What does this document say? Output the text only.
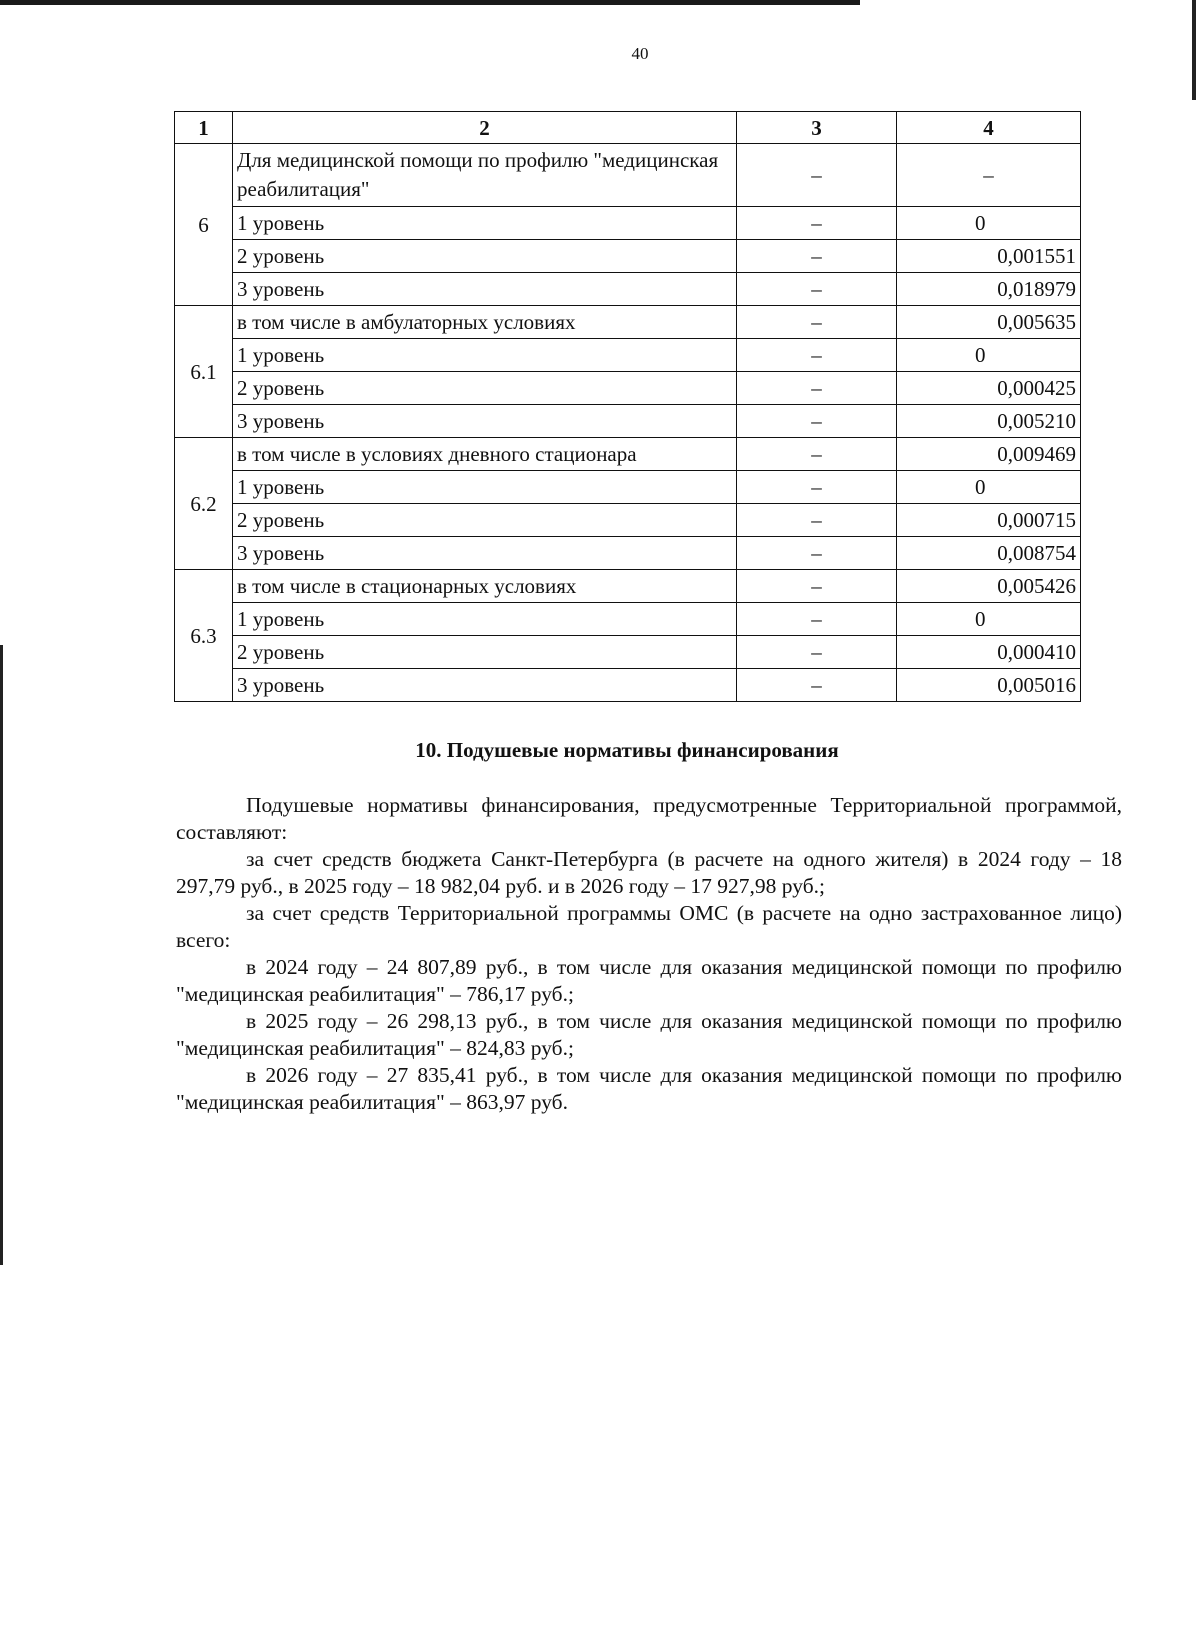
40
1	2	3	4
6	Для медицинской помощи по профилю "медицинская реабилитация"	–	–
	1 уровень	–	0
	2 уровень	–	0,001551
	3 уровень	–	0,018979
6.1	в том числе в амбулаторных условиях	–	0,005635
	1 уровень	–	0
	2 уровень	–	0,000425
	3 уровень	–	0,005210
6.2	в том числе в условиях дневного стационара	–	0,009469
	1 уровень	–	0
	2 уровень	–	0,000715
	3 уровень	–	0,008754
6.3	в том числе в стационарных условиях	–	0,005426
	1 уровень	–	0
	2 уровень	–	0,000410
	3 уровень	–	0,005016
10. Подушевые нормативы финансирования

Подушевые нормативы финансирования, предусмотренные Территориальной программой, составляют:

за счет средств бюджета Санкт-Петербурга (в расчете на одного жителя) в 2024 году – 18 297,79 руб., в 2025 году – 18 982,04 руб. и в 2026 году – 17 927,98 руб.;

за счет средств Территориальной программы ОМС (в расчете на одно застрахованное лицо) всего:

в 2024 году – 24 807,89 руб., в том числе для оказания медицинской помощи по профилю "медицинская реабилитация" – 786,17 руб.;

в 2025 году – 26 298,13 руб., в том числе для оказания медицинской помощи по профилю "медицинская реабилитация" – 824,83 руб.;

в 2026 году – 27 835,41 руб., в том числе для оказания медицинской помощи по профилю "медицинская реабилитация" – 863,97 руб.
